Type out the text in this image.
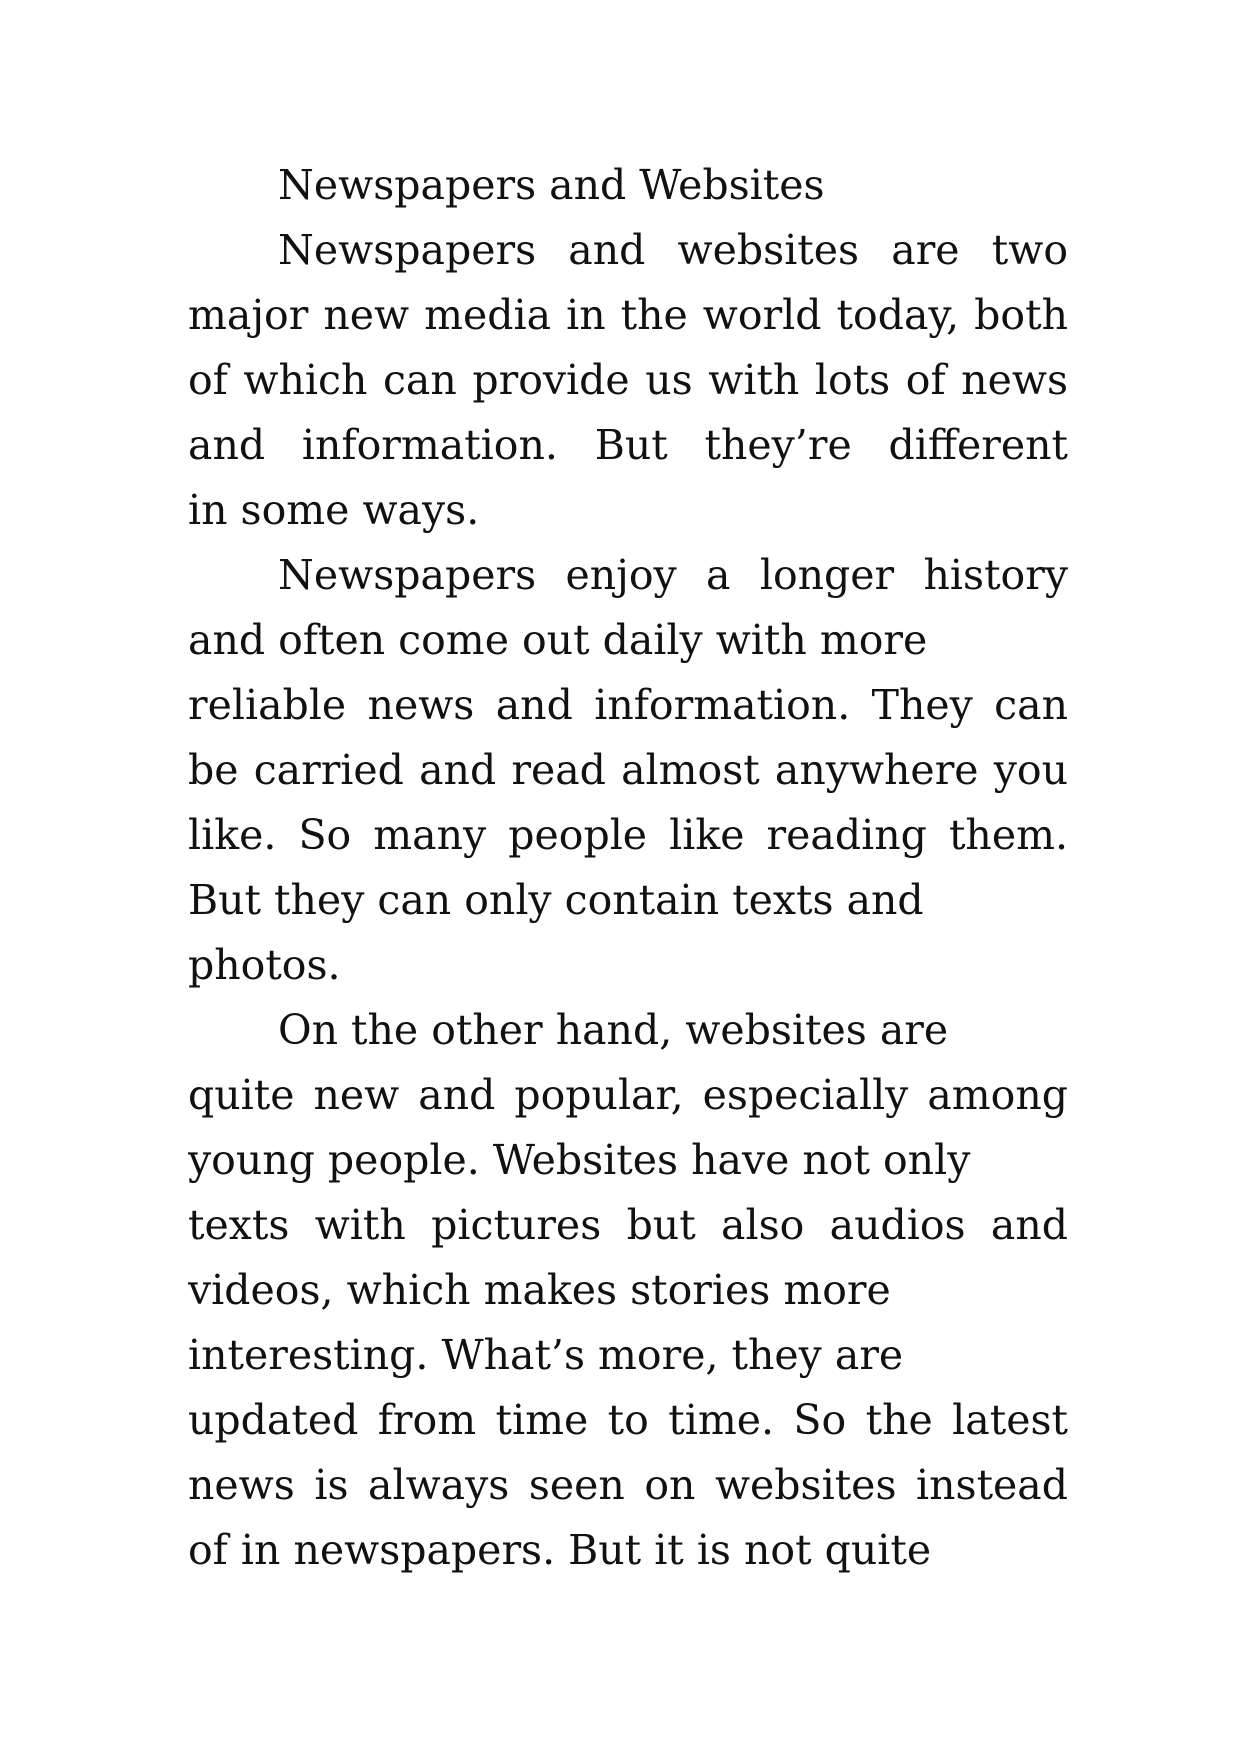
Newspapers and Websites
Newspapers and websites are two
major new media in the world today, both
of which can provide us with lots of news
and information. But they’re different
in some ways.
Newspapers enjoy a longer history
and often come out daily with more
reliable news and information. They can
be carried and read almost anywhere you
like. So many people like reading them.
But they can only contain texts and
photos.
On the other hand, websites are
quite new and popular, especially among
young people. Websites have not only
texts with pictures but also audios and
videos, which makes stories more
interesting. What’s more, they are
updated from time to time. So the latest
news is always seen on websites instead
of in newspapers. But it is not quite
